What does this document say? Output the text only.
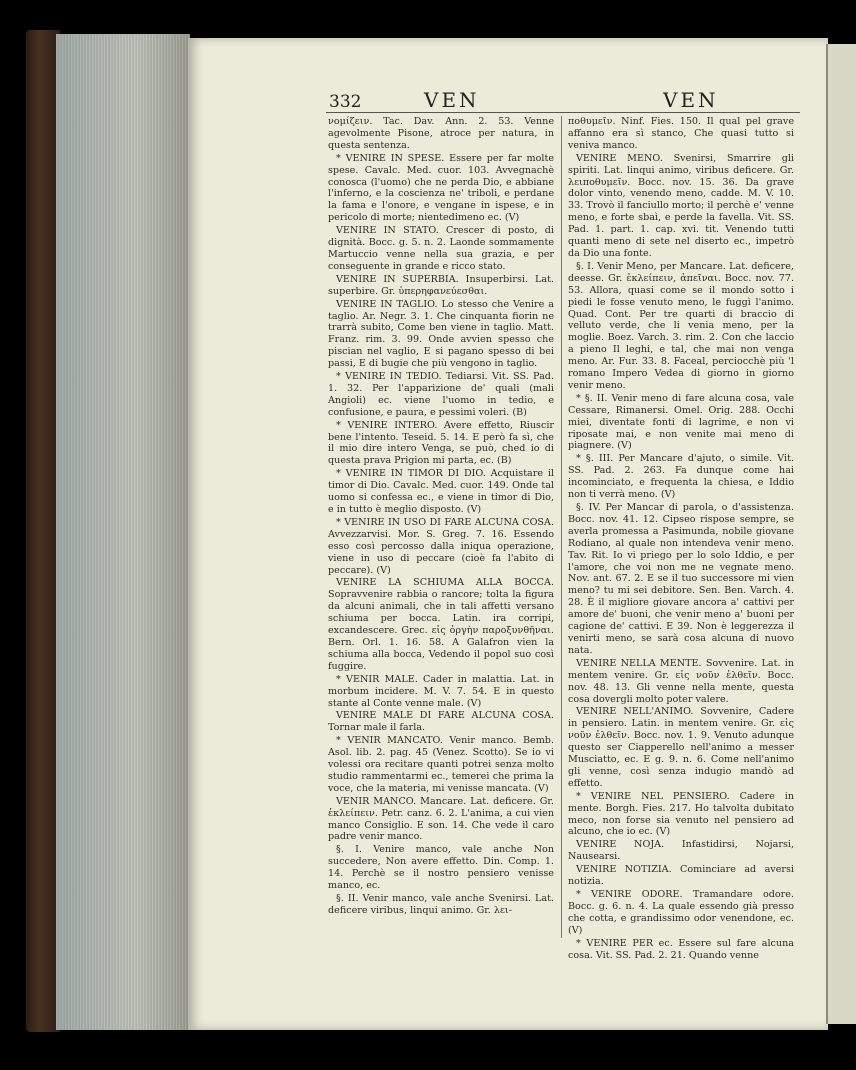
332	VEN	VEN

νομίζειν. Tac. Dav. Ann. 2. 53. Venne agevolmente Pisone, atroce per natura, in questa sentenza.

* VENIRE IN SPESE. Essere per far molte spese. Cavalc. Med. cuor. 103. Avvegnachè conosca (l'uomo) che ne perda Dio, e abbiane l'inferno, e la coscienza ne' triboli, e perdane la fama e l'onore, e vengane in ispese, e in pericolo di morte; nientedimeno ec. (V)

VENIRE IN STATO. Crescer di posto, di dignità. Bocc. g. 5. n. 2. Laonde sommamente Martuccio venne nella sua grazia, e per conseguente in grande e ricco stato.

VENIRE IN SUPERBIA. Insuperbirsi. Lat. superbire. Gr. ὑπερηφανεύεσθαι.

VENIRE IN TAGLIO. Lo stesso che Venire a taglio. Ar. Negr. 3. 1. Che cinquanta fiorin ne trarrà subito, Come ben viene in taglio. Matt. Franz. rim. 3. 99. Onde avvien spesso che piscian nel vaglio, E si pagano spesso di bei passi, E di bugie che più vengono in taglio.

* VENIRE IN TEDIO. Tediarsi. Vit. SS. Pad. 1. 32. Per l'apparizione de' quali (mali Angioli) ec. viene l'uomo in tedio, e confusione, e paura, e pessimi voleri. (B)

* VENIRE INTERO. Avere effetto, Riuscir bene l'intento. Teseid. 5. 14. E però fa sì, che il mio dire intero Venga, se può, ched io di questa prava Prigion mi parta, ec. (B)

* VENIRE IN TIMOR DI DIO. Acquistare il timor di Dio. Cavalc. Med. cuor. 149. Onde tal uomo si confessa ec., e viene in timor di Dio, e in tutto è meglio disposto. (V)

* VENIRE IN USO DI FARE ALCUNA COSA. Avvezzarvisi. Mor. S. Greg. 7. 16. Essendo esso così percosso dalla iniqua operazione, viene in uso di peccare (cioè fa l'abito di peccare). (V)

VENIRE LA SCHIUMA ALLA BOCCA. Sopravvenire rabbia o rancore; tolta la figura da alcuni animali, che in tali affetti versano schiuma per bocca. Latin. ira corripi, excandescere. Grec. εἰς ὀργὴν παροξυνθῆναι. Bern. Orl. 1. 16. 58. A Galafron vien la schiuma alla bocca, Vedendo il popol suo così fuggire.

* VENIR MALE. Cader in malattia. Lat. in morbum incidere. M. V. 7. 54. E in questo stante al Conte venne male. (V)

VENIRE MALE DI FARE ALCUNA COSA. Tornar male il farla.

* VENIR MANCATO. Venir manco. Bemb. Asol. lib. 2. pag. 45 (Venez. Scotto). Se io vi volessi ora recitare quanti potrei senza molto studio rammentarmi ec., temerei che prima la voce, che la materia, mi venisse mancata. (V)

VENIR MANCO. Mancare. Lat. deficere. Gr. ἐκλείπειν. Petr. canz. 6. 2. L'anima, a cui vien manco Consiglio. E son. 14. Che vede il caro padre venir manco.

§. I. Venire manco, vale anche Non succedere, Non avere effetto. Din. Comp. 1. 14. Perchè se il nostro pensiero venisse manco, ec.

§. II. Venir manco, vale anche Svenirsi. Lat. deficere viribus, linqui animo. Gr. λει-

ποθυμεῖν. Ninf. Fies. 150. Il qual pel grave affanno era sì stanco, Che quasi tutto si veniva manco.

VENIRE MENO. Svenirsi, Smarrire gli spiriti. Lat. linqui animo, viribus deficere. Gr. λειποθυμεῖν. Bocc. nov. 15. 36. Da grave dolor vinto, venendo meno, cadde. M. V. 10. 33. Trovò il fanciullo morto; il perchè e' venne meno, e forte sbaì, e perde la favella. Vit. SS. Pad. 1. part. 1. cap. xvi. tit. Venendo tutti quanti meno di sete nel diserto ec., impetrò da Dio una fonte.

§. I. Venir Meno, per Mancare. Lat. deficere, deesse. Gr. ἐκλείπειν, ἀπεῖναι. Bocc. nov. 77. 53. Allora, quasi come se il mondo sotto i piedi le fosse venuto meno, le fuggì l'animo. Quad. Cont. Per tre quarti di braccio di velluto verde, che li venia meno, per la moglie. Boez. Varch. 3. rim. 2. Con che laccio a pieno Il leghi, e tal, che mai non venga meno. Ar. Fur. 33. 8. Faceal, perciocchè più 'l romano Impero Vedea di giorno in giorno venir meno.

* §. II. Venir meno di fare alcuna cosa, vale Cessare, Rimanersi. Omel. Orig. 288. Occhi miei, diventate fonti di lagrime, e non vi riposate mai, e non venite mai meno di piagnere. (V)

* §. III. Per Mancare d'ajuto, o simile. Vit. SS. Pad. 2. 263. Fa dunque come hai incominciato, e frequenta la chiesa, e Iddio non ti verrà meno. (V)

§. IV. Per Mancar di parola, o d'assistenza. Bocc. nov. 41. 12. Cipseo rispose sempre, se averla promessa a Pasimunda, nobile giovane Rodiano, al quale non intendeva venir meno. Tav. Rit. Io vi priego per lo solo Iddio, e per l'amore, che voi non me ne vegnate meno. Nov. ant. 67. 2. E se il tuo successore mi vien meno? tu mi sei debitore. Sen. Ben. Varch. 4. 28. È il migliore giovare ancora a' cattivi per amore de' buoni, che venir meno a' buoni per cagione de' cattivi. E 39. Non è leggerezza il venirti meno, se sarà cosa alcuna di nuovo nata.

VENIRE NELLA MENTE. Sovvenire. Lat. in mentem venire. Gr. εἰς νοῦν ἐλθεῖν. Bocc. nov. 48. 13. Gli venne nella mente, questa cosa dovergli molto poter valere.

VENIRE NELL'ANIMO. Sovvenire, Cadere in pensiero. Latin. in mentem venire. Gr. εἰς νοῦν ἐλθεῖν. Bocc. nov. 1. 9. Venuto adunque questo ser Ciapperello nell'animo a messer Musciatto, ec. E g. 9. n. 6. Come nell'animo gli venne, così senza indugio mandò ad effetto.

* VENIRE NEL PENSIERO. Cadere in mente. Borgh. Fies. 217. Ho talvolta dubitato meco, non forse sia venuto nel pensiero ad alcuno, che io ec. (V)

VENIRE NOJA. Infastidirsi, Nojarsi, Nausearsi.

VENIRE NOTIZIA. Cominciare ad aversi notizia.

* VENIRE ODORE. Tramandare odore. Bocc. g. 6. n. 4. La quale essendo già presso che cotta, e grandissimo odor venendone, ec. (V)

* VENIRE PER ec. Essere sul fare alcuna cosa. Vit. SS. Pad. 2. 21. Quando venne
